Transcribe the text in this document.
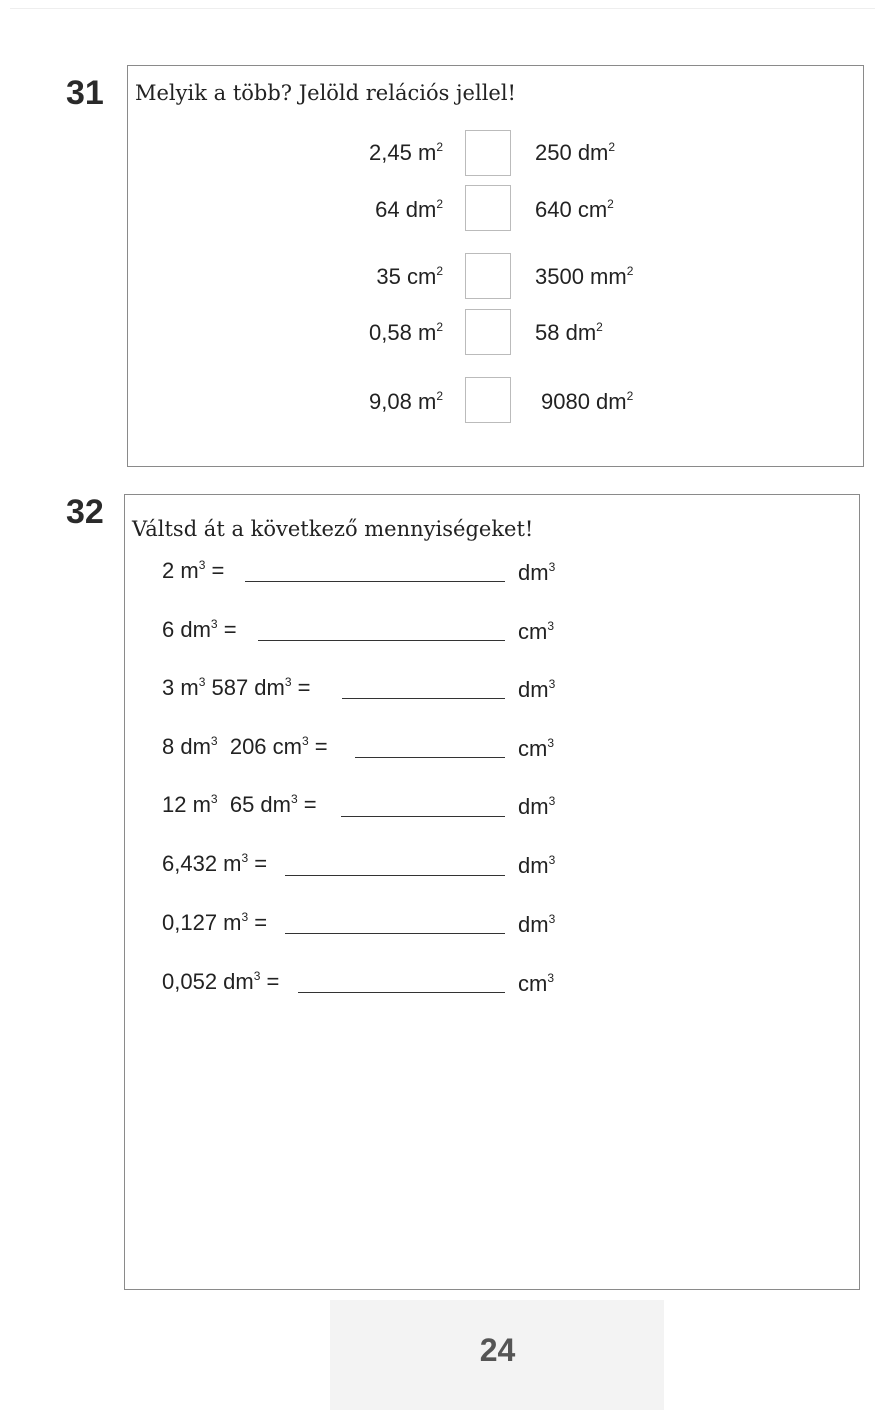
31 Melyik a több? Jelöld relációs jellel!
2,45 $m^2$	250 $dm^2$
64 $dm^2$	640 $cm^2$
35 $cm^2$	3500 $mm^2$
0,58 $m^2$	58 $dm^2$
9,08 $m^2$	9080 $dm^2$
32 Váltsd át a következő mennyiségeket!
2 $m^3$ =	$dm^3$
6 $dm^3$ =	$cm^3$
3 $m^3$ 587 $dm^3$ =	$dm^3$
8 $dm^3$  206 $cm^3$ =	$cm^3$
12 $m^3$  65 $dm^3$ =	$dm^3$
6,432 $m^3$ =	$dm^3$
0,127 $m^3$ =	$dm^3$
0,052 $dm^3$ =	$cm^3$
24
